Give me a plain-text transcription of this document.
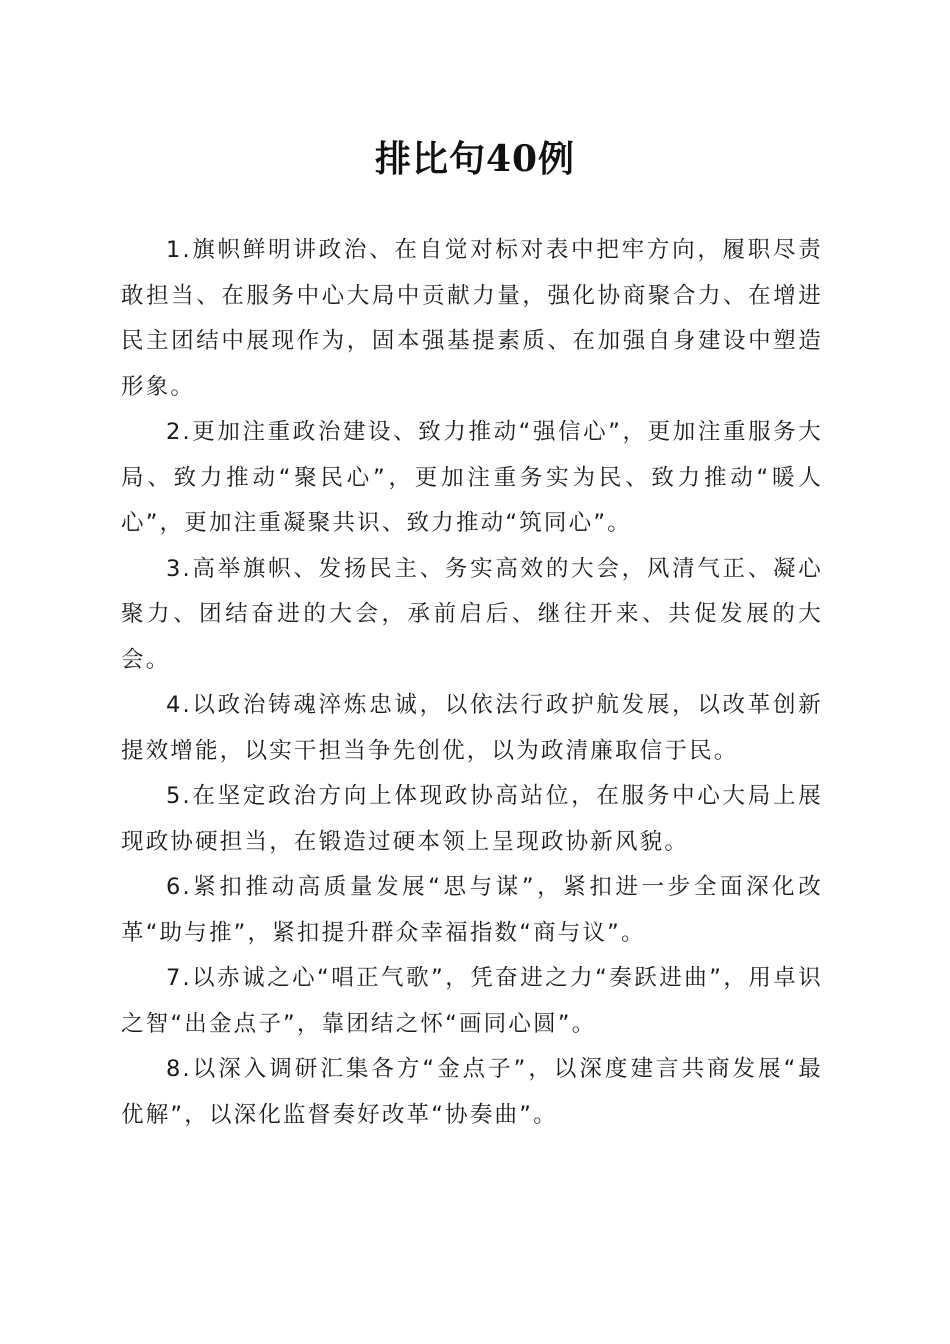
排比句40例

1.旗帜鲜明讲政治、在自觉对标对表中把牢方向，履职尽责敢担当、在服务中心大局中贡献力量，强化协商聚合力、在增进民主团结中展现作为，固本强基提素质、在加强自身建设中塑造形象。

2.更加注重政治建设、致力推动“强信心”，更加注重服务大局、致力推动“聚民心”，更加注重务实为民、致力推动“暖人心”，更加注重凝聚共识、致力推动“筑同心”。

3.高举旗帜、发扬民主、务实高效的大会，风清气正、凝心聚力、团结奋进的大会，承前启后、继往开来、共促发展的大会。

4.以政治铸魂淬炼忠诚，以依法行政护航发展，以改革创新提效增能，以实干担当争先创优，以为政清廉取信于民。

5.在坚定政治方向上体现政协高站位，在服务中心大局上展现政协硬担当，在锻造过硬本领上呈现政协新风貌。

6.紧扣推动高质量发展“思与谋”，紧扣进一步全面深化改革“助与推”，紧扣提升群众幸福指数“商与议”。

7.以赤诚之心“唱正气歌”，凭奋进之力“奏跃进曲”，用卓识之智“出金点子”，靠团结之怀“画同心圆”。

8.以深入调研汇集各方“金点子”，以深度建言共商发展“最优解”，以深化监督奏好改革“协奏曲”。
